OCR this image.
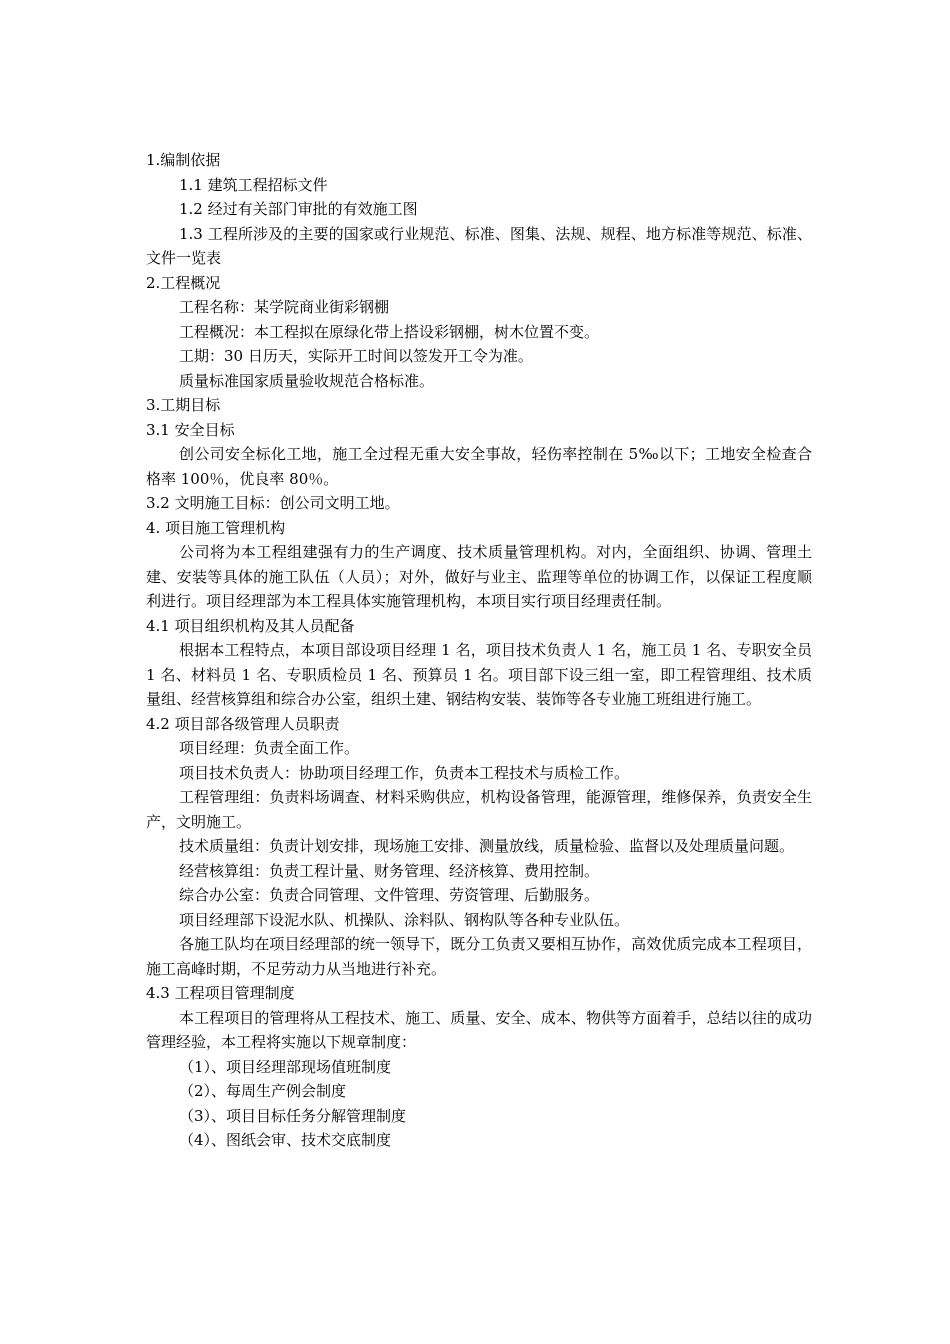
1.编制依据

1.1 建筑工程招标文件

1.2 经过有关部门审批的有效施工图

1.3 工程所涉及的主要的国家或行业规范、标准、图集、法规、规程、地方标准等规范、标准、文件一览表

2.工程概况

工程名称：某学院商业街彩钢棚

工程概况：本工程拟在原绿化带上搭设彩钢棚，树木位置不变。

工期：30 日历天，实际开工时间以签发开工令为准。

质量标准国家质量验收规范合格标准。

3.工期目标

3.1 安全目标

创公司安全标化工地，施工全过程无重大安全事故，轻伤率控制在 5‰以下；工地安全检查合格率 100％，优良率 80％。

3.2 文明施工目标：创公司文明工地。

4. 项目施工管理机构

公司将为本工程组建强有力的生产调度、技术质量管理机构。对内，全面组织、协调、管理土建、安装等具体的施工队伍（人员）；对外，做好与业主、监理等单位的协调工作，以保证工程度顺利进行。项目经理部为本工程具体实施管理机构，本项目实行项目经理责任制。

4.1 项目组织机构及其人员配备

根据本工程特点，本项目部设项目经理 1 名，项目技术负责人 1 名，施工员 1 名、专职安全员 1 名、材料员 1 名、专职质检员 1 名、预算员 1 名。项目部下设三组一室，即工程管理组、技术质量组、经营核算组和综合办公室，组织土建、钢结构安装、装饰等各专业施工班组进行施工。

4.2 项目部各级管理人员职责

项目经理：负责全面工作。

项目技术负责人：协助项目经理工作，负责本工程技术与质检工作。

工程管理组：负责料场调查、材料采购供应，机构设备管理，能源管理，维修保养，负责安全生产，文明施工。

技术质量组：负责计划安排，现场施工安排、测量放线，质量检验、监督以及处理质量问题。

经营核算组：负责工程计量、财务管理、经济核算、费用控制。

综合办公室：负责合同管理、文件管理、劳资管理、后勤服务。

项目经理部下设泥水队、机操队、涂料队、钢构队等各种专业队伍。

各施工队均在项目经理部的统一领导下，既分工负责又要相互协作，高效优质完成本工程项目，施工高峰时期，不足劳动力从当地进行补充。

4.3 工程项目管理制度

本工程项目的管理将从工程技术、施工、质量、安全、成本、物供等方面着手，总结以往的成功管理经验，本工程将实施以下规章制度：

（1）、项目经理部现场值班制度

（2）、每周生产例会制度

（3）、项目目标任务分解管理制度

（4）、图纸会审、技术交底制度
